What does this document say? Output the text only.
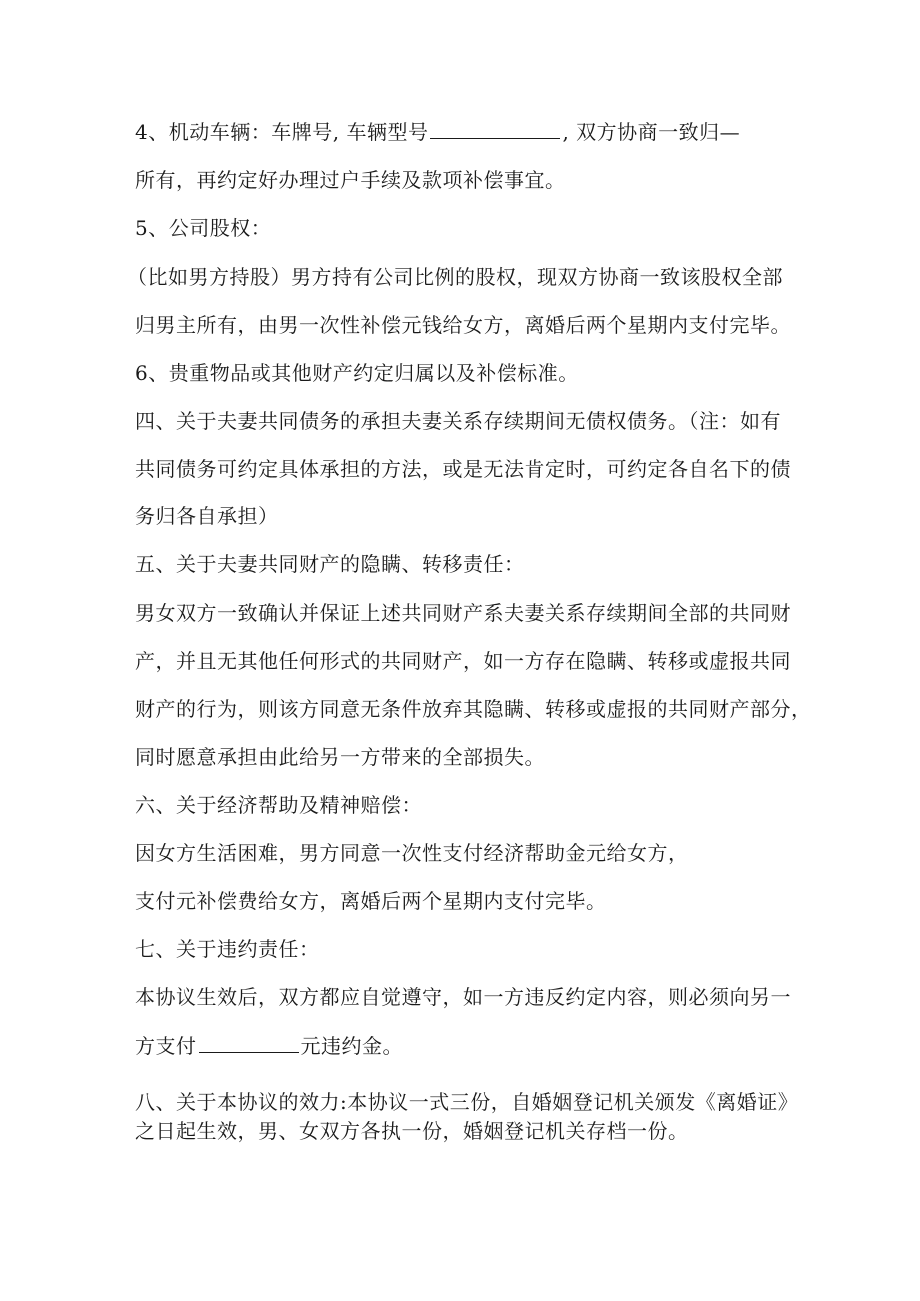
4、机动车辆：车牌号, 车辆型号	, 双方协商一致归—
所有，再约定好办理过户手续及款项补偿事宜。
5、公司股权：
（比如男方持股）男方持有公司比例的股权，现双方协商一致该股权全部
归男主所有，由男一次性补偿元钱给女方，离婚后两个星期内支付完毕。
6、贵重物品或其他财产约定归属以及补偿标准。
四、关于夫妻共同债务的承担夫妻关系存续期间无债权债务。（注：如有
共同债务可约定具体承担的方法，或是无法肯定时，可约定各自名下的债
务归各自承担）
五、关于夫妻共同财产的隐瞒、转移责任：
男女双方一致确认并保证上述共同财产系夫妻关系存续期间全部的共同财
产，并且无其他任何形式的共同财产，如一方存在隐瞒、转移或虚报共同
财产的行为，则该方同意无条件放弃其隐瞒、转移或虚报的共同财产部分，
同时愿意承担由此给另一方带来的全部损失。
六、关于经济帮助及精神赔偿：
因女方生活困难，男方同意一次性支付经济帮助金元给女方，
支付元补偿费给女方，离婚后两个星期内支付完毕。
七、关于违约责任：
本协议生效后，双方都应自觉遵守，如一方违反约定内容，则必须向另一
方支付	元违约金。
八、关于本协议的效力:本协议一式三份，自婚姻登记机关颁发《离婚证》
之日起生效，男、女双方各执一份，婚姻登记机关存档一份。
